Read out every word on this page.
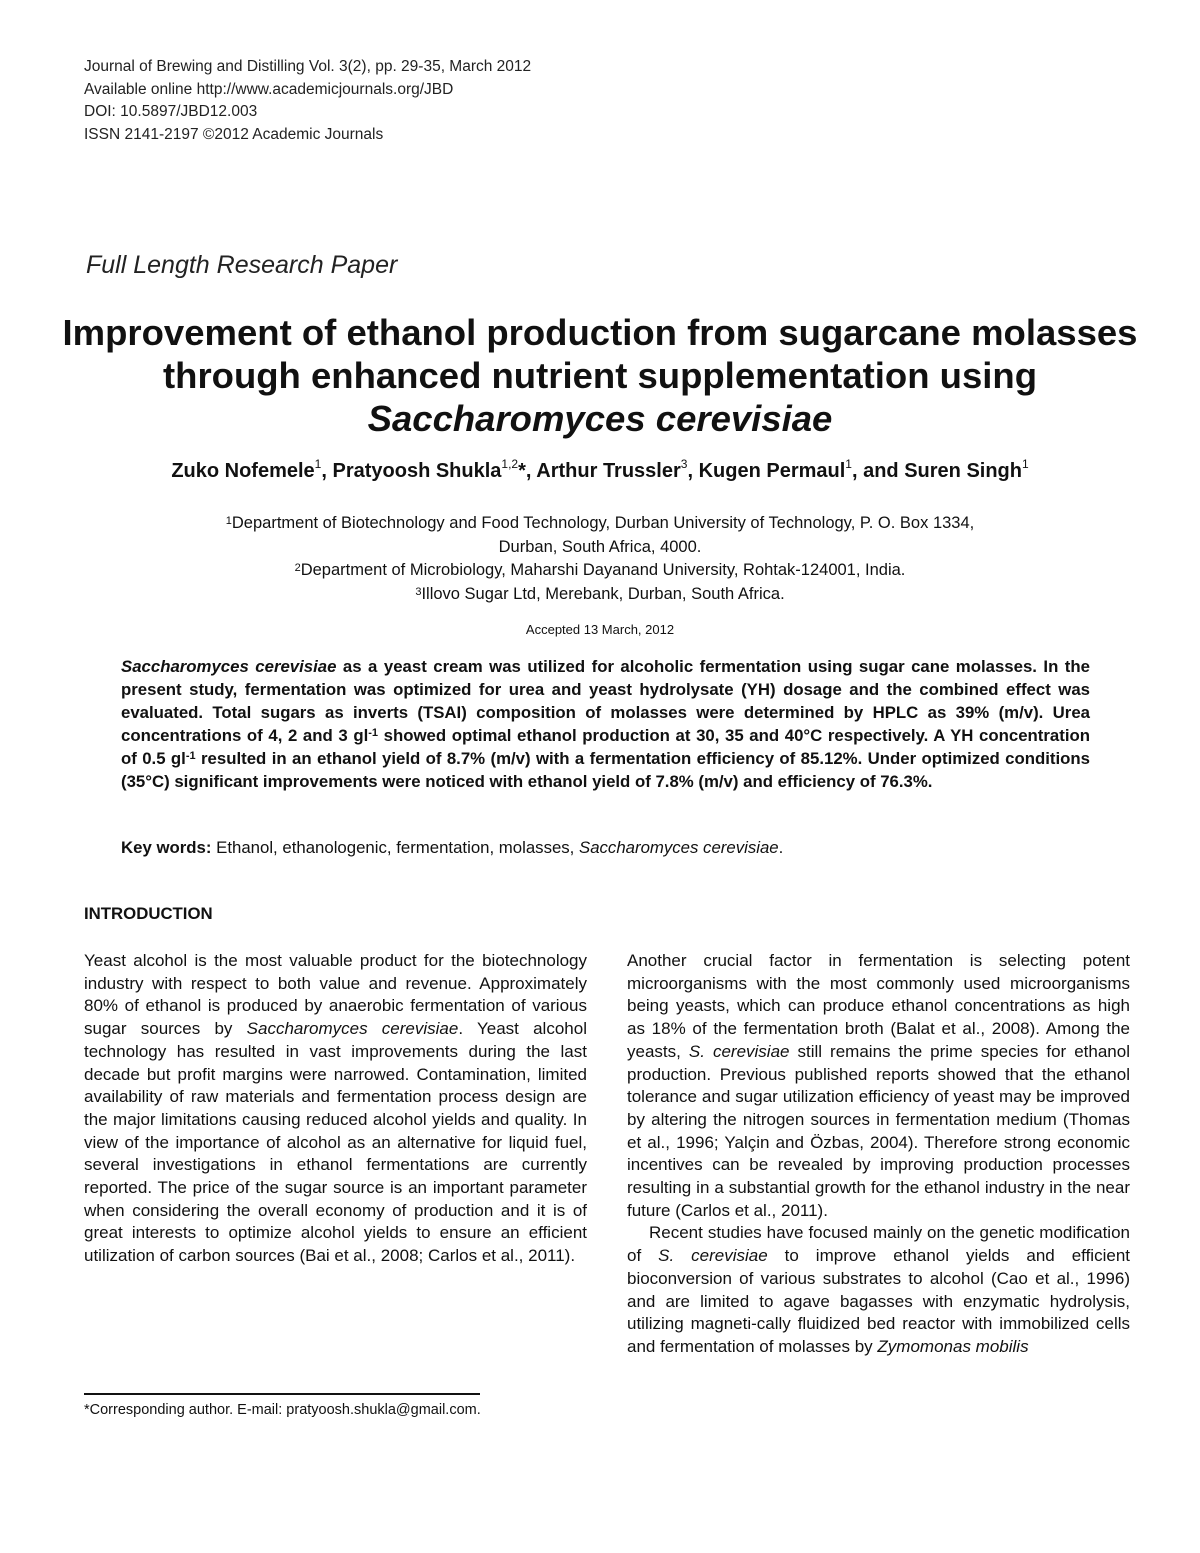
Journal of Brewing and Distilling Vol. 3(2), pp. 29-35, March 2012
Available online http://www.academicjournals.org/JBD
DOI: 10.5897/JBD12.003
ISSN 2141-2197 ©2012 Academic Journals
Full Length Research Paper
Improvement of ethanol production from sugarcane molasses through enhanced nutrient supplementation using Saccharomyces cerevisiae
Zuko Nofemele$^1$, Pratyoosh Shukla$^{1,2}$*, Arthur Trussler$^3$, Kugen Permaul$^1$, and Suren Singh$^1$
$^1$Department of Biotechnology and Food Technology, Durban University of Technology, P. O. Box 1334,
Durban, South Africa, 4000.
$^2$Department of Microbiology, Maharshi Dayanand University, Rohtak-124001, India.
$^3$Illovo Sugar Ltd, Merebank, Durban, South Africa.
Accepted 13 March, 2012

Saccharomyces cerevisiae as a yeast cream was utilized for alcoholic fermentation using sugar cane molasses. In the present study, fermentation was optimized for urea and yeast hydrolysate (YH) dosage and the combined effect was evaluated. Total sugars as inverts (TSAI) composition of molasses were determined by HPLC as 39% (m/v). Urea concentrations of 4, 2 and 3 $gl^{-1}$ showed optimal ethanol production at 30, 35 and 40°C respectively. A YH concentration of 0.5 $gl^{-1}$ resulted in an ethanol yield of 8.7% (m/v) with a fermentation efficiency of 85.12%. Under optimized conditions (35°C) significant improvements were noticed with ethanol yield of 7.8% (m/v) and efficiency of 76.3%.

Key words: Ethanol, ethanologenic, fermentation, molasses, Saccharomyces cerevisiae.
INTRODUCTION

Yeast alcohol is the most valuable product for the biotechnology industry with respect to both value and revenue. Approximately 80% of ethanol is produced by anaerobic fermentation of various sugar sources by Saccharomyces cerevisiae. Yeast alcohol technology has resulted in vast improvements during the last decade but profit margins were narrowed. Contamination, limited availability of raw materials and fermentation process design are the major limitations causing reduced alcohol yields and quality. In view of the importance of alcohol as an alternative for liquid fuel, several investigations in ethanol fermentations are currently reported. The price of the sugar source is an important parameter when considering the overall economy of production and it is of great interests to optimize alcohol yields to ensure an efficient utilization of carbon sources (Bai et al., 2008; Carlos et al., 2011).

Another crucial factor in fermentation is selecting potent microorganisms with the most commonly used microorganisms being yeasts, which can produce ethanol concentrations as high as 18% of the fermentation broth (Balat et al., 2008). Among the yeasts, S. cerevisiae still remains the prime species for ethanol production. Previous published reports showed that the ethanol tolerance and sugar utilization efficiency of yeast may be improved by altering the nitrogen sources in fermentation medium (Thomas et al., 1996; Yalçin and Özbas, 2004). Therefore strong economic incentives can be revealed by improving production processes resulting in a substantial growth for the ethanol industry in the near future (Carlos et al., 2011).

Recent studies have focused mainly on the genetic modification of S. cerevisiae to improve ethanol yields and efficient bioconversion of various substrates to alcohol (Cao et al., 1996) and are limited to agave bagasses with enzymatic hydrolysis, utilizing magneti-cally fluidized bed reactor with immobilized cells and fermentation of molasses by Zymomonas mobilis

*Corresponding author. E-mail: pratyoosh.shukla@gmail.com.
